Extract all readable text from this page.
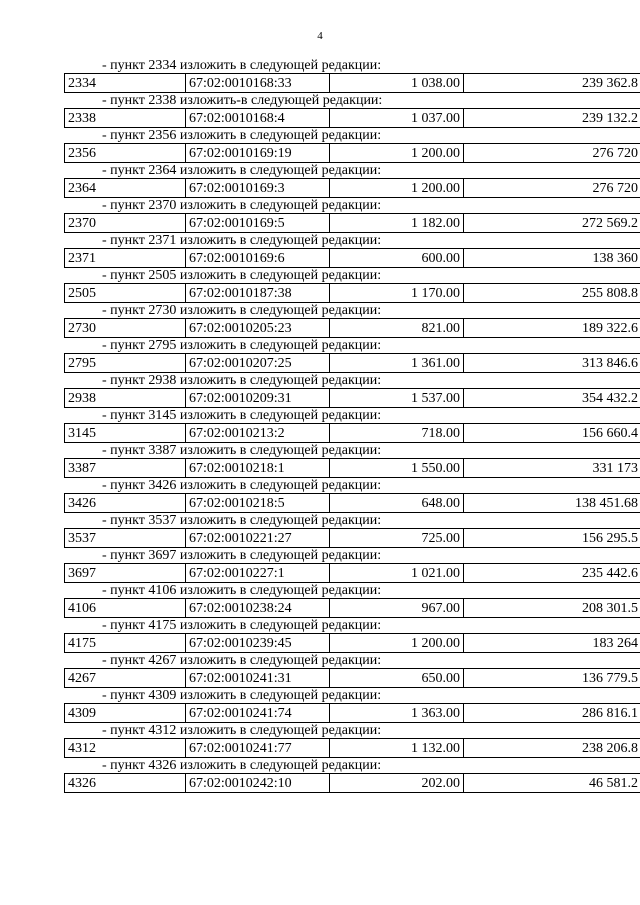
4
- пункт 2334 изложить в следующей редакции:
2334	67:02:0010168:33	1 038.00	239 362.8
- пункт 2338 изложить-в следующей редакции:
2338	67:02:0010168:4	1 037.00	239 132.2
- пункт 2356 изложить в следующей редакции:
2356	67:02:0010169:19	1 200.00	276 720
- пункт 2364 изложить в следующей редакции:
2364	67:02:0010169:3	1 200.00	276 720
- пункт 2370 изложить в следующей редакции:
2370	67:02:0010169:5	1 182.00	272 569.2
- пункт 2371 изложить в следующей редакции:
2371	67:02:0010169:6	600.00	138 360
- пункт 2505 изложить в следующей редакции:
2505	67:02:0010187:38	1 170.00	255 808.8
- пункт 2730 изложить в следующей редакции:
2730	67:02:0010205:23	821.00	189 322.6
- пункт 2795 изложить в следующей редакции:
2795	67:02:0010207:25	1 361.00	313 846.6
- пункт 2938 изложить в следующей редакции:
2938	67:02:0010209:31	1 537.00	354 432.2
- пункт 3145 изложить в следующей редакции:
3145	67:02:0010213:2	718.00	156 660.4
- пункт 3387 изложить в следующей редакции:
3387	67:02:0010218:1	1 550.00	331 173
- пункт 3426 изложить в следующей редакции:
3426	67:02:0010218:5	648.00	138 451.68
- пункт 3537 изложить в следующей редакции:
3537	67:02:0010221:27	725.00	156 295.5
- пункт 3697 изложить в следующей редакции:
3697	67:02:0010227:1	1 021.00	235 442.6
- пункт 4106 изложить в следующей редакции:
4106	67:02:0010238:24	967.00	208 301.5
- пункт 4175 изложить в следующей редакции:
4175	67:02:0010239:45	1 200.00	183 264
- пункт 4267 изложить в следующей редакции:
4267	67:02:0010241:31	650.00	136 779.5
- пункт 4309 изложить в следующей редакции:
4309	67:02:0010241:74	1 363.00	286 816.1
- пункт 4312 изложить в следующей редакции:
4312	67:02:0010241:77	1 132.00	238 206.8
- пункт 4326 изложить в следующей редакции:
4326	67:02:0010242:10	202.00	46 581.2
